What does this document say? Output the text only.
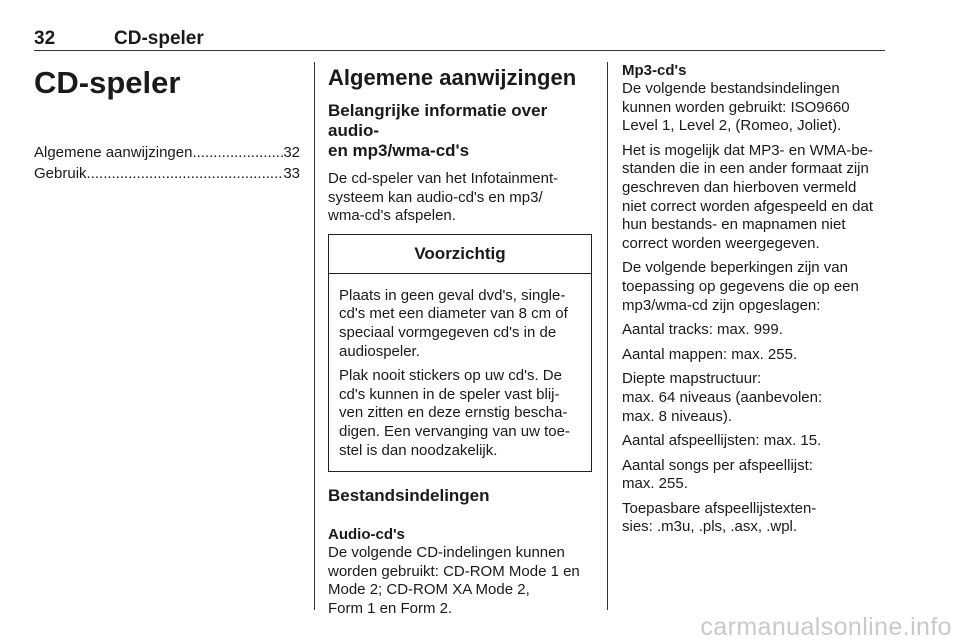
32	CD-speler
CD-speler
Algemene aanwijzingen .....	32
Gebruik .....	33
Algemene aanwijzingen
Belangrijke informatie over audio-
en mp3/wma-cd's

De cd-speler van het Infotainment-
systeem kan audio-cd's en mp3/
wma-cd's afspelen.

Voorzichtig

Plaats in geen geval dvd's, single-
cd's met een diameter van 8 cm of
speciaal vormgegeven cd's in de
audiospeler.

Plak nooit stickers op uw cd's. De
cd's kunnen in de speler vast blij-
ven zitten en deze ernstig bescha-
digen. Een vervanging van uw toe-
stel is dan noodzakelijk.

Bestandsindelingen
Audio-cd's

De volgende CD-indelingen kunnen
worden gebruikt: CD-ROM Mode 1 en
Mode 2; CD-ROM XA Mode 2,
Form 1 en Form 2.

Mp3-cd's

De volgende bestandsindelingen
kunnen worden gebruikt: ISO9660
Level 1, Level 2, (Romeo, Joliet).

Het is mogelijk dat MP3- en WMA-be-
standen die in een ander formaat zijn
geschreven dan hierboven vermeld
niet correct worden afgespeeld en dat
hun bestands- en mapnamen niet
correct worden weergegeven.

De volgende beperkingen zijn van
toepassing op gegevens die op een
mp3/wma-cd zijn opgeslagen:

Aantal tracks: max. 999.

Aantal mappen: max. 255.

Diepte mapstructuur:
max. 64 niveaus (aanbevolen:
max. 8 niveaus).

Aantal afspeellijsten: max. 15.

Aantal songs per afspeellijst:
max. 255.

Toepasbare afspeellijstexten-
sies: .m3u, .pls, .asx, .wpl.

carmanualsonline.info
